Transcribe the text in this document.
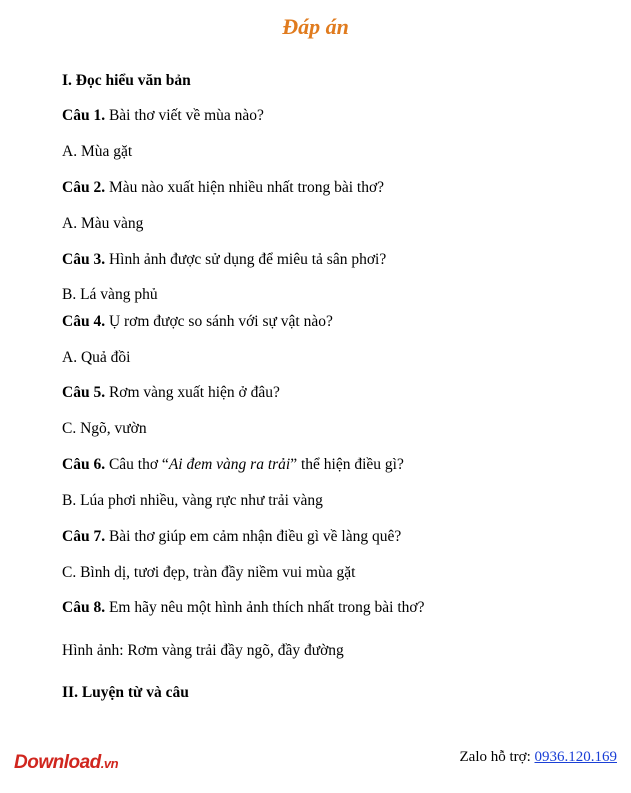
Đáp án

I. Đọc hiểu văn bản

Câu 1. Bài thơ viết về mùa nào?

A. Mùa gặt

Câu 2. Màu nào xuất hiện nhiều nhất trong bài thơ?

A. Màu vàng

Câu 3. Hình ảnh được sử dụng để miêu tả sân phơi?

B. Lá vàng phủ

Câu 4. Ụ rơm được so sánh với sự vật nào?

A. Quả đồi

Câu 5. Rơm vàng xuất hiện ở đâu?

C. Ngõ, vườn

Câu 6. Câu thơ “Ai đem vàng ra trải” thể hiện điều gì?

B. Lúa phơi nhiều, vàng rực như trải vàng

Câu 7. Bài thơ giúp em cảm nhận điều gì về làng quê?

C. Bình dị, tươi đẹp, tràn đầy niềm vui mùa gặt

Câu 8. Em hãy nêu một hình ảnh thích nhất trong bài thơ?

Hình ảnh: Rơm vàng trải đầy ngõ, đầy đường

II. Luyện từ và câu

Download.vn	Zalo hỗ trợ: 0936.120.169
